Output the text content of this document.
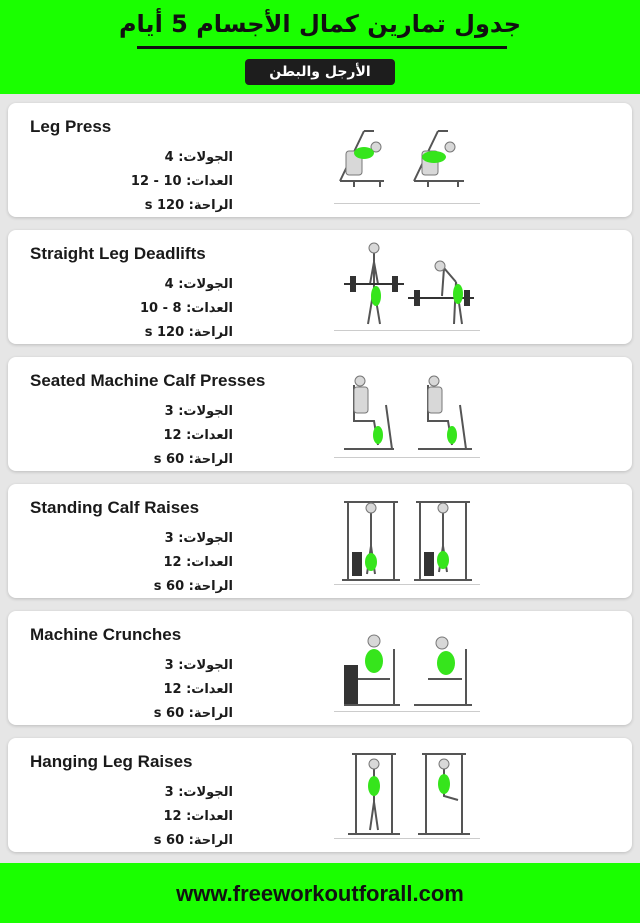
جدول تمارين كمال الأجسام 5 أيام
الأرجل والبطن
Leg Press
الجولات: 4
العدات: 10 - 12
الراحة: 120 s
Straight Leg Deadlifts
الجولات: 4
العدات: 8 - 10
الراحة: 120 s
Seated Machine Calf Presses
الجولات: 3
العدات: 12
الراحة: 60 s
Standing Calf Raises
الجولات: 3
العدات: 12
الراحة: 60 s
Machine Crunches
الجولات: 3
العدات: 12
الراحة: 60 s
Hanging Leg Raises
الجولات: 3
العدات: 12
الراحة: 60 s
www.freeworkoutforall.com
